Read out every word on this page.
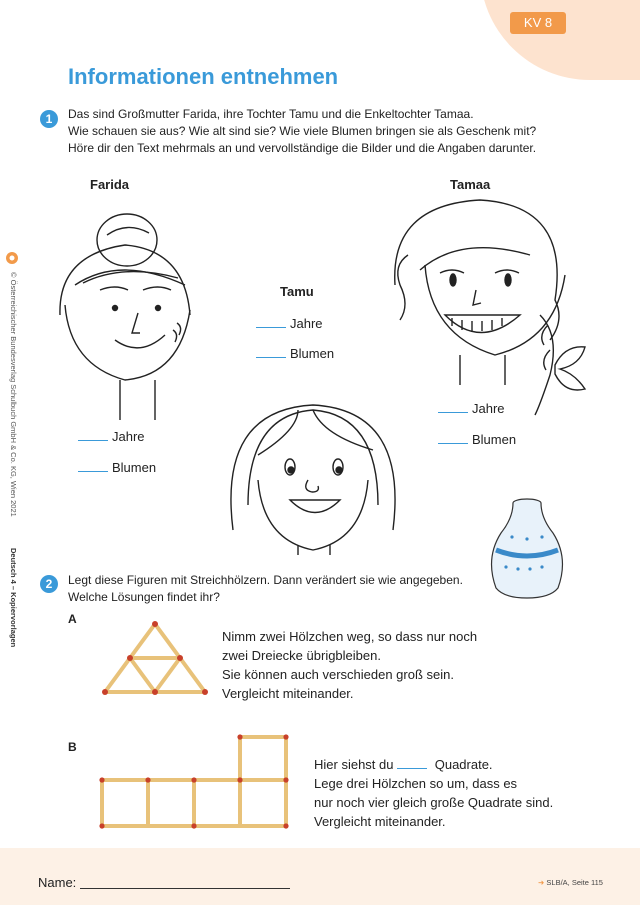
KV 8
Informationen entnehmen
1	Das sind Großmutter Farida, ihre Tochter Tamu und die Enkeltochter Tamaa.
Wie schauen sie aus? Wie alt sind sie? Wie viele Blumen bringen sie als Geschenk mit?
Höre dir den Text mehrmals an und vervollständige die Bilder und die Angaben darunter.
© Österreichischer Bundesverlag Schulbuch GmbH & Co. KG, Wien 2021
Deutsch 4 – Kopiervorlagen
Farida	Tamaa
Tamu
Jahre
Blumen
Jahre
Blumen
Jahre
Blumen
2	Legt diese Figuren mit Streichhölzern. Dann verändert sie wie angegeben.
Welche Lösungen findet ihr?
A
Nimm zwei Hölzchen weg, so dass nur noch
zwei Dreiecke übrigbleiben.
Sie können auch verschieden groß sein.
Vergleicht miteinander.
B
Hier siehst du	Quadrate.
Lege drei Hölzchen so um, dass es
nur noch vier gleich große Quadrate sind.
Vergleicht miteinander.
Name:	➜ SLB/A, Seite 115
